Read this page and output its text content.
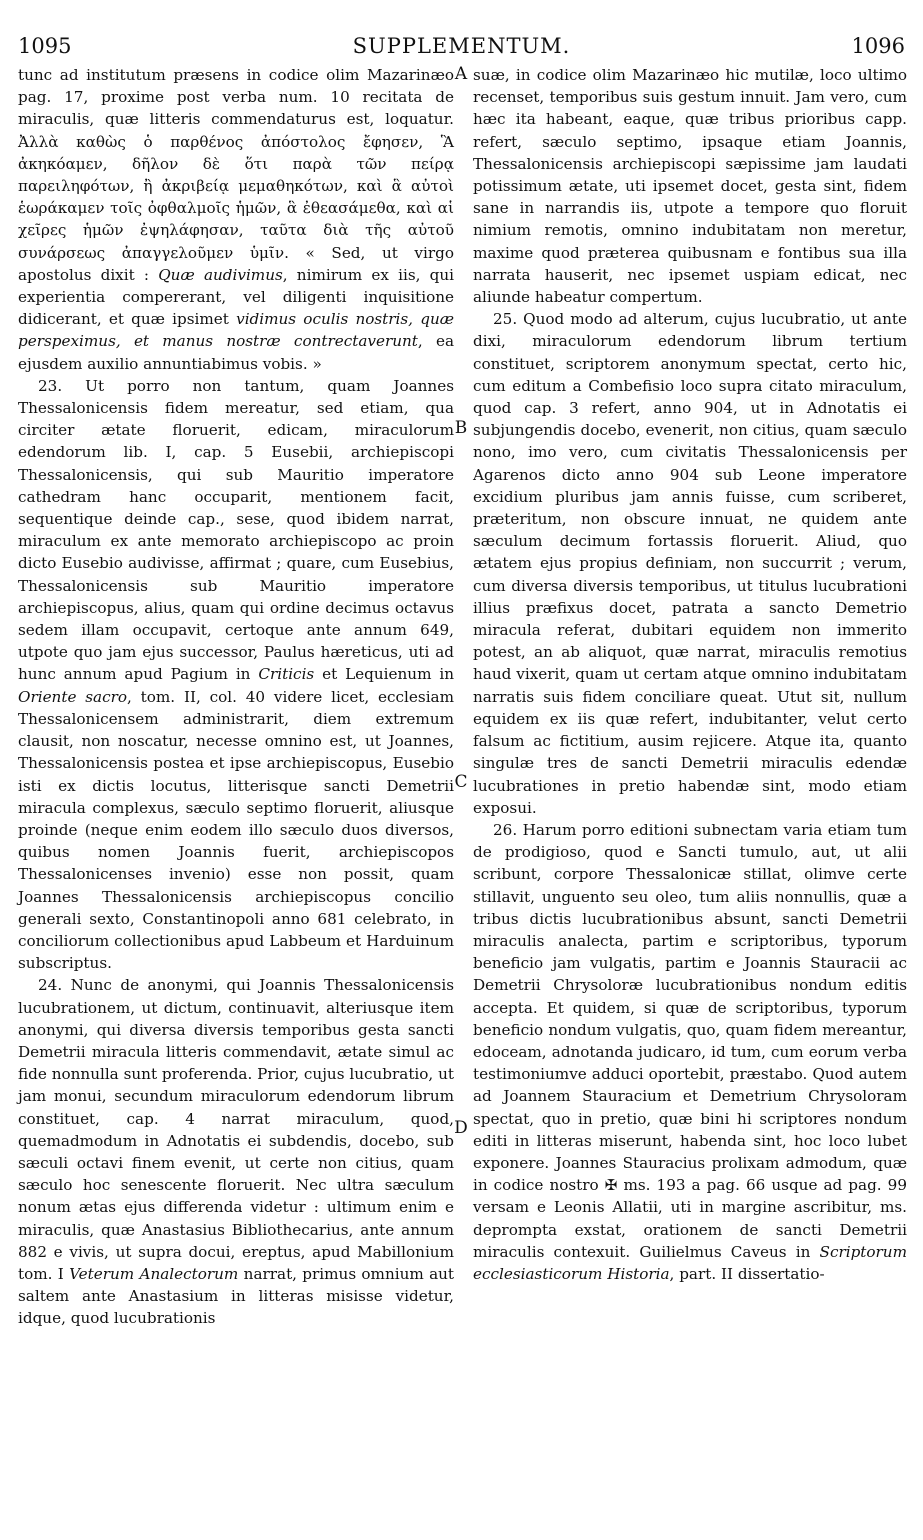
1095	SUPPLEMENTUM.	1096

tunc ad institutum præsens in codice olim Mazarinæo pag. 17, proxime post verba num. 10 recitata de miraculis, quæ litteris commendaturus est, loquatur. Ἀλλὰ καθὼς ὁ παρθένος ἀπόστολος ἔφησεν, Ἃ ἀκηκόαμεν, δῆλον δὲ ὅτι παρὰ τῶν πείρᾳ παρειληφότων, ἢ ἀκριβείᾳ μεμαθηκότων, καὶ ἃ αὐτοὶ ἑωράκαμεν τοῖς ὀφθαλμοῖς ἡμῶν, ἃ ἐθεασάμεθα, καὶ αἱ χεῖρες ἡμῶν ἐψηλάφησαν, ταῦτα διὰ τῆς αὐτοῦ συνάρσεως ἀπαγγελοῦμεν ὑμῖν. « Sed, ut virgo apostolus dixit : Quæ audivimus, nimirum ex iis, qui experientia compererant, vel diligenti inquisitione didicerant, et quæ ipsimet vidimus oculis nostris, quæ perspeximus, et manus nostræ contrectaverunt, ea ejusdem auxilio annuntiabimus vobis. »

23. Ut porro non tantum, quam Joannes Thessalonicensis fidem mereatur, sed etiam, qua circiter ætate floruerit, edicam, miraculorum edendorum lib. I, cap. 5 Eusebii, archiepiscopi Thessalonicensis, qui sub Mauritio imperatore cathedram hanc occuparit, mentionem facit, sequentique deinde cap., sese, quod ibidem narrat, miraculum ex ante memorato archiepiscopo ac proin dicto Eusebio audivisse, affirmat ; quare, cum Eusebius, Thessalonicensis sub Mauritio imperatore archiepiscopus, alius, quam qui ordine decimus octavus sedem illam occupavit, certoque ante annum 649, utpote quo jam ejus successor, Paulus hæreticus, uti ad hunc annum apud Pagium in Criticis et Lequienum in Oriente sacro, tom. II, col. 40 videre licet, ecclesiam Thessalonicensem administrarit, diem extremum clausit, non noscatur, necesse omnino est, ut Joannes, Thessalonicensis postea et ipse archiepiscopus, Eusebio isti ex dictis locutus, litterisque sancti Demetrii miracula complexus, sæculo septimo floruerit, aliusque proinde (neque enim eodem illo sæculo duos diversos, quibus nomen Joannis fuerit, archiepiscopos Thessalonicenses invenio) esse non possit, quam Joannes Thessalonicensis archiepiscopus concilio generali sexto, Constantinopoli anno 681 celebrato, in conciliorum collectionibus apud Labbeum et Harduinum subscriptus.

24. Nunc de anonymi, qui Joannis Thessalonicensis lucubrationem, ut dictum, continuavit, alteriusque item anonymi, qui diversa diversis temporibus gesta sancti Demetrii miracula litteris commendavit, ætate simul ac fide nonnulla sunt proferenda. Prior, cujus lucubratio, ut jam monui, secundum miraculorum edendorum librum constituet, cap. 4 narrat miraculum, quod, quemadmodum in Adnotatis ei subdendis, docebo, sub sæculi octavi finem evenit, ut certe non citius, quam sæculo hoc senescente floruerit. Nec ultra sæculum nonum ætas ejus differenda videtur : ultimum enim e miraculis, quæ Anastasius Bibliothecarius, ante annum 882 e vivis, ut supra docui, ereptus, apud Mabillonium tom. I Veterum Analectorum narrat, primus omnium aut saltem ante Anastasium in litteras misisse videtur, idque, quod lucubrationis

A
B
C
D

suæ, in codice olim Mazarinæo hic mutilæ, loco ultimo recenset, temporibus suis gestum innuit. Jam vero, cum hæc ita habeant, eaque, quæ tribus prioribus capp. refert, sæculo septimo, ipsaque etiam Joannis, Thessalonicensis archiepiscopi sæpissime jam laudati potissimum ætate, uti ipsemet docet, gesta sint, fidem sane in narrandis iis, utpote a tempore quo floruit nimium remotis, omnino indubitatam non meretur, maxime quod præterea quibusnam e fontibus sua illa narrata hauserit, nec ipsemet uspiam edicat, nec aliunde habeatur compertum.

25. Quod modo ad alterum, cujus lucubratio, ut ante dixi, miraculorum edendorum librum tertium constituet, scriptorem anonymum spectat, certo hic, cum editum a Combefisio loco supra citato miraculum, quod cap. 3 refert, anno 904, ut in Adnotatis ei subjungendis docebo, evenerit, non citius, quam sæculo nono, imo vero, cum civitatis Thessalonicensis per Agarenos dicto anno 904 sub Leone imperatore excidium pluribus jam annis fuisse, cum scriberet, præteritum, non obscure innuat, ne quidem ante sæculum decimum fortassis floruerit. Aliud, quo ætatem ejus propius definiam, non succurrit ; verum, cum diversa diversis temporibus, ut titulus lucubrationi illius præfixus docet, patrata a sancto Demetrio miracula referat, dubitari equidem non immerito potest, an ab aliquot, quæ narrat, miraculis remotius haud vixerit, quam ut certam atque omnino indubitatam narratis suis fidem conciliare queat. Utut sit, nullum equidem ex iis quæ refert, indubitanter, velut certo falsum ac fictitium, ausim rejicere. Atque ita, quanto singulæ tres de sancti Demetrii miraculis edendæ lucubrationes in pretio habendæ sint, modo etiam exposui.

26. Harum porro editioni subnectam varia etiam tum de prodigioso, quod e Sancti tumulo, aut, ut alii scribunt, corpore Thessalonicæ stillat, olimve certe stillavit, unguento seu oleo, tum aliis nonnullis, quæ a tribus dictis lucubrationibus absunt, sancti Demetrii miraculis analecta, partim e scriptoribus, typorum beneficio jam vulgatis, partim e Joannis Stauracii ac Demetrii Chrysoloræ lucubrationibus nondum editis accepta. Et quidem, si quæ de scriptoribus, typorum beneficio nondum vulgatis, quo, quam fidem mereantur, edoceam, adnotanda judicaro, id tum, cum eorum verba testimoniumve adduci oportebit, præstabo. Quod autem ad Joannem Stauracium et Demetrium Chrysoloram spectat, quo in pretio, quæ bini hi scriptores nondum editi in litteras miserunt, habenda sint, hoc loco lubet exponere. Joannes Stauracius prolixam admodum, quæ in codice nostro ✠ ms. 193 a pag. 66 usque ad pag. 99 versam e Leonis Allatii, uti in margine ascribitur, ms. deprompta exstat, orationem de sancti Demetrii miraculis contexuit. Guilielmus Caveus in Scriptorum ecclesiasticorum Historia, part. II dissertatio-
